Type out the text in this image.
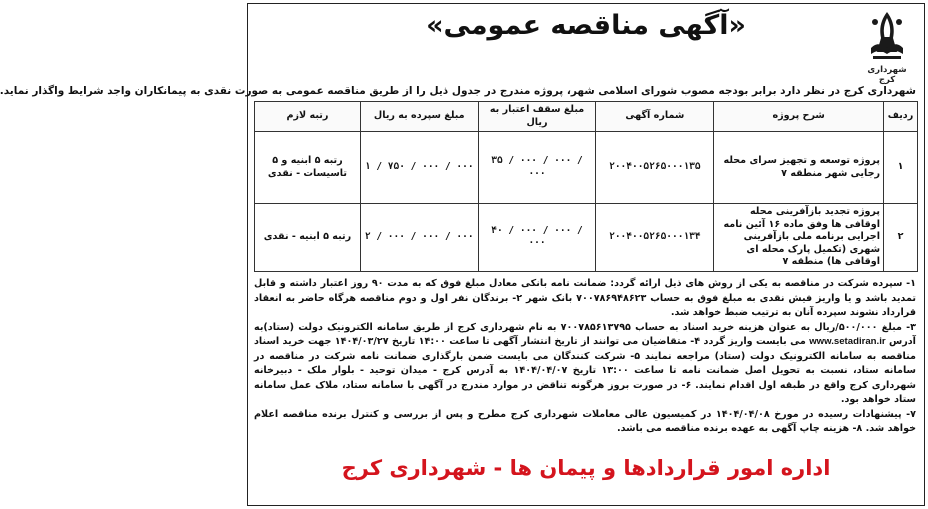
شهرداری کرج
«آگهی مناقصه عمومی»
شهرداری کرج در نظر دارد برابر بودجه مصوب شورای اسلامی شهر، پروژه مندرج در جدول ذیل را از طریق مناقصه عمومی به صورت نقدی به پیمانکاران واجد شرایط واگذار نماید.
ردیف	شرح پروژه	شماره آگهی	مبلغ سقف اعتبار به ریال	مبلغ سپرده به ریال	رتبه لازم
۱	پروژه توسعه و تجهیز سرای محله رجایی شهر منطقه ۷	۲۰۰۴۰۰۵۲۶۵۰۰۰۱۳۵	۳۵ / ۰۰۰ / ۰۰۰ / ۰۰۰	۱ / ۷۵۰ / ۰۰۰ / ۰۰۰	رتبه ۵ ابنیه و ۵ تاسیسات - نقدی
۲	پروژه تجدید بازآفرینی محله اوقافی ها وفق ماده ۱۶ آئین نامه اجرایی برنامه ملی بازآفرینی شهری (تکمیل پارک محله ای اوقافی ها) منطقه ۷	۲۰۰۴۰۰۵۲۶۵۰۰۰۱۳۴	۴۰ / ۰۰۰ / ۰۰۰ / ۰۰۰	۲ / ۰۰۰ / ۰۰۰ / ۰۰۰	رتبه ۵ ابنیه - نقدی

۱- سپرده شرکت در مناقصه به یکی از روش های ذیل ارائه گردد: ضمانت نامه بانکی معادل مبلغ فوق که به مدت ۹۰ روز اعتبار داشته و قابل تمدید باشد و یا واریز فیش نقدی به مبلغ فوق به حساب ۷۰۰۷۸۶۹۴۸۶۲۳ بانک شهر ۲- برندگان نفر اول و دوم مناقصه هرگاه حاضر به انعقاد قرارداد نشوند سپرده آنان به ترتیب ضبط خواهد شد.

۳- مبلغ ۵۰۰/۰۰۰/ریال به عنوان هزینه خرید اسناد به حساب ۷۰۰۷۸۵۶۱۳۷۹۵ به نام شهرداری کرج از طریق سامانه الکترونیک دولت (ستاد)به آدرس www.setadiran.ir می بایست واریز گردد ۴- متقاضیان می توانند از تاریخ انتشار آگهی تا ساعت ۱۴:۰۰ تاریخ ۱۴۰۴/۰۳/۲۷ جهت خرید اسناد مناقصه به سامانه الکترونیک دولت (ستاد) مراجعه نمایند ۵- شرکت کنندگان می بایست ضمن بارگذاری ضمانت نامه شرکت در مناقصه در سامانه ستاد، نسبت به تحویل اصل ضمانت نامه تا ساعت ۱۳:۰۰ تاریخ ۱۴۰۴/۰۴/۰۷ به آدرس کرج - میدان توحید - بلوار ملک - دبیرخانه شهرداری کرج واقع در طبقه اول اقدام نمایند. ۶- در صورت بروز هرگونه تناقض در موارد مندرج در آگهی با سامانه ستاد، ملاک عمل سامانه ستاد خواهد بود.

۷- پیشنهادات رسیده در مورخ ۱۴۰۴/۰۴/۰۸ در کمیسیون عالی معاملات شهرداری کرج مطرح و پس از بررسی و کنترل برنده مناقصه اعلام خواهد شد. ۸- هزینه چاپ آگهی به عهده برنده مناقصه می باشد.

اداره امور قراردادها و پیمان ها - شهرداری کرج
